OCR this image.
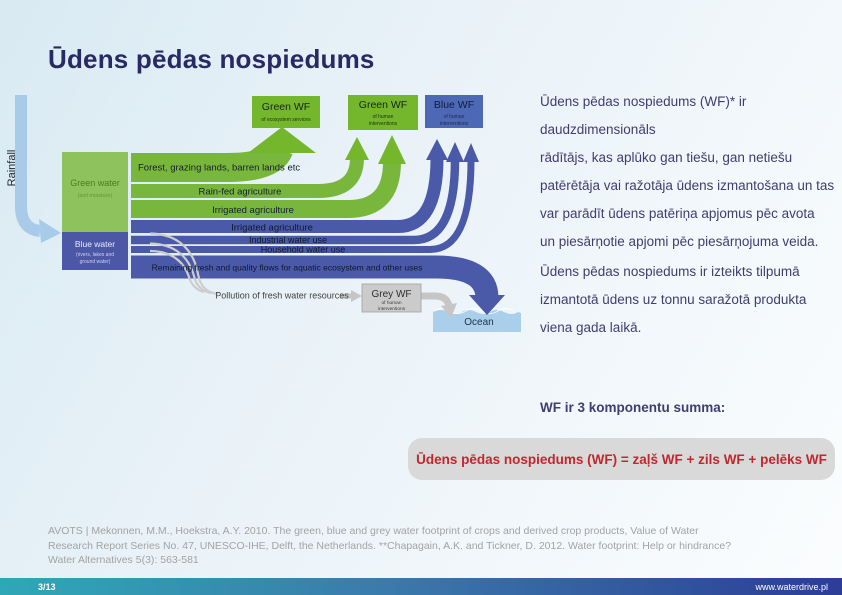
Ūdens pēdas nospiedums
Rainfall	Green water
(soil moisture)
Blue water
(rivers, lakes and
ground water)
Green WF
of ecosystem services
Green WF
of human
interventions
Blue WF
of human
interventions
Grey WF
of human
interventions
Ocean
Forest, grazing lands, barren lands etc
Rain-fed agriculture
Irrigated agriculture
Irrigated agriculture
Industrial water use
Household water use
Remaining fresh and quality flows for aquatic ecosystem and other uses
Pollution of fresh water resources
Ūdens pēdas nospiedums (WF)* ir daudzdimensionāls
rādītājs, kas aplūko gan tiešu, gan netiešu
patērētāja vai ražotāja ūdens izmantošana un tas
var parādīt ūdens patēriņa apjomus pēc avota
un piesārņotie apjomi pēc piesārņojuma veida.
Ūdens pēdas nospiedums ir izteikts tilpumā
izmantotā ūdens uz tonnu saražotā produkta
viena gada laikā.
WF ir 3 komponentu summa:
Ūdens pēdas nospiedums (WF) = zaļš WF + zils WF + pelēks WF
AVOTS | Mekonnen, M.M., Hoekstra, A.Y. 2010. The green, blue and grey water footprint of crops and derived crop products, Value of Water
Research Report Series No. 47, UNESCO-IHE, Delft, the Netherlands. **Chapagain, A.K. and Tickner, D. 2012. Water footprint: Help or hindrance?
Water Alternatives 5(3): 563-581
3/13	www.waterdrive.pl
